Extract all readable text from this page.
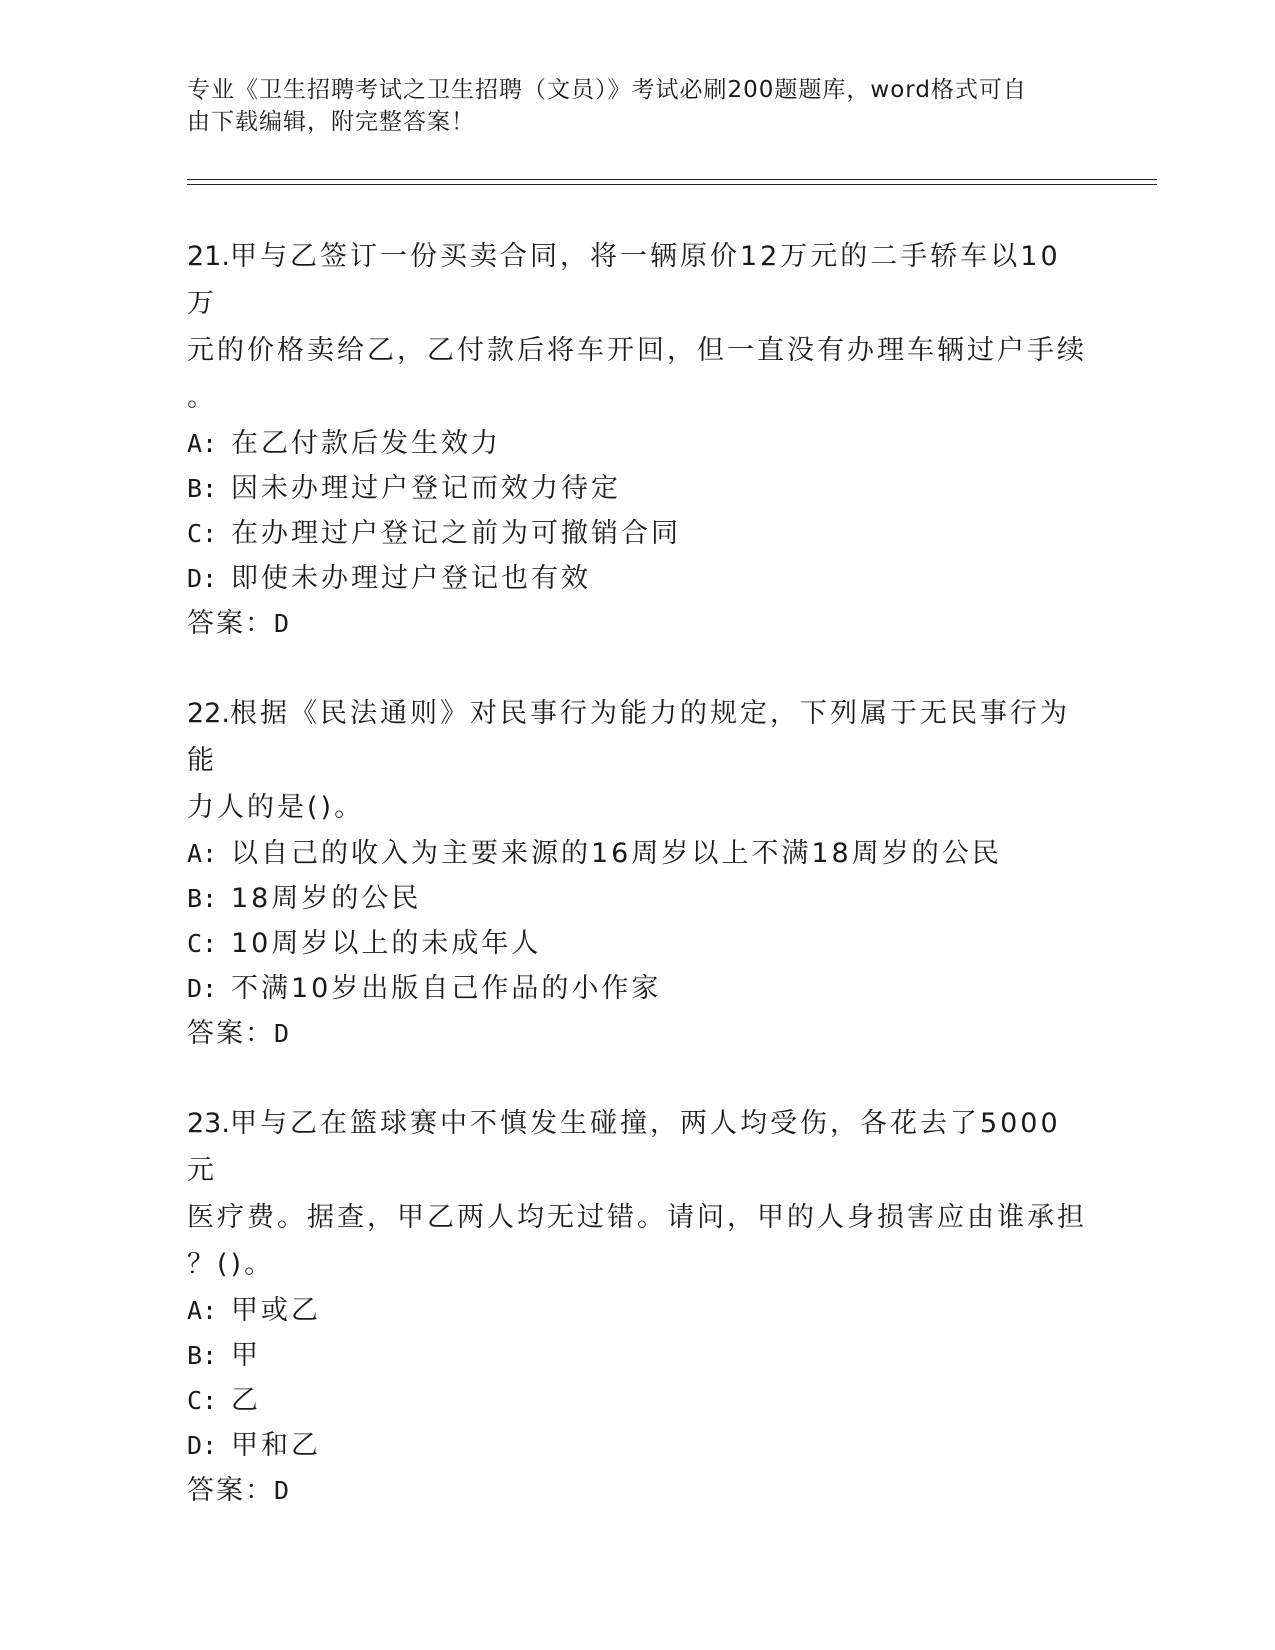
专业《卫生招聘考试之卫生招聘（文员）》考试必刷200题题库，word格式可自
由下载编辑，附完整答案！
21.甲与乙签订一份买卖合同，将一辆原价12万元的二手轿车以10万
元的价格卖给乙，乙付款后将车开回，但一直没有办理车辆过户手续
。
A: 在乙付款后发生效力
B: 因未办理过户登记而效力待定
C: 在办理过户登记之前为可撤销合同
D: 即使未办理过户登记也有效
答案：D
22.根据《民法通则》对民事行为能力的规定，下列属于无民事行为能
力人的是()。
A: 以自己的收入为主要来源的16周岁以上不满18周岁的公民
B: 18周岁的公民
C: 10周岁以上的未成年人
D: 不满10岁出版自己作品的小作家
答案：D
23.甲与乙在篮球赛中不慎发生碰撞，两人均受伤，各花去了5000元
医疗费。据查，甲乙两人均无过错。请问，甲的人身损害应由谁承担
？()。
A: 甲或乙
B: 甲
C: 乙
D: 甲和乙
答案：D
